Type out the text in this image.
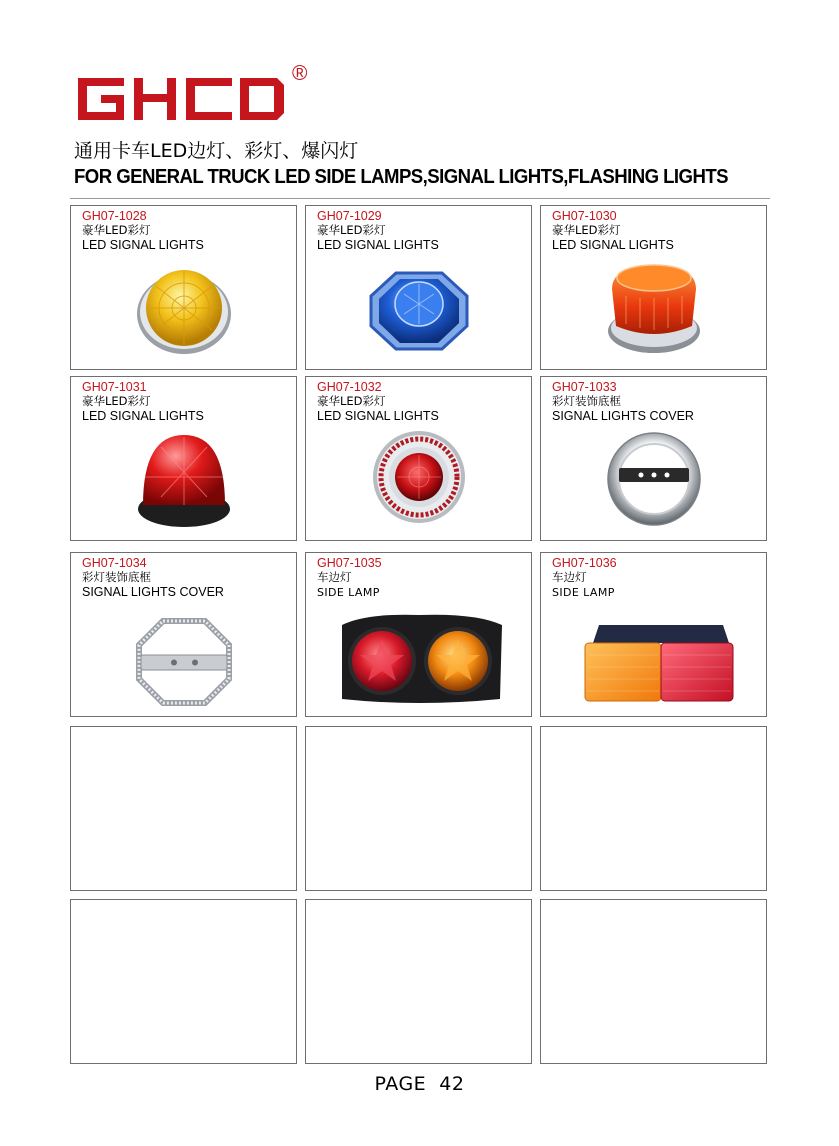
®
通用卡车LED边灯、彩灯、爆闪灯
FOR GENERAL TRUCK LED SIDE LAMPS,SIGNAL LIGHTS,FLASHING LIGHTS
GH07-1028
豪华LED彩灯
LED SIGNAL LIGHTS
GH07-1029
豪华LED彩灯
LED SIGNAL LIGHTS
GH07-1030
豪华LED彩灯
LED SIGNAL LIGHTS
GH07-1031
豪华LED彩灯
LED SIGNAL LIGHTS
GH07-1032
豪华LED彩灯
LED SIGNAL LIGHTS
GH07-1033
彩灯装饰底框
SIGNAL LIGHTS COVER
GH07-1034
彩灯装饰底框
SIGNAL LIGHTS COVER
GH07-1035
车边灯
SIDE LAMP
GH07-1036
车边灯
SIDE LAMP
PAGE  42
